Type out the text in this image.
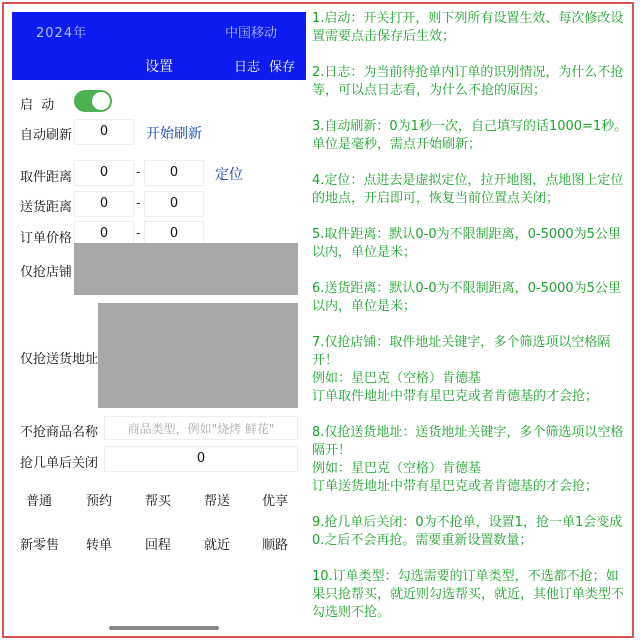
2024年	中国移动
设置	日志 保存
启  动
自动刷新	0	开始刷新
取件距离	0	-	0	定位
送货距离	0	-	0
订单价格	0	-	0
仅抢店铺
仅抢送货地址
不抢商品名称	商品类型，例如"烧烤 鲜花"
抢几单后关闭	0
普通	预约	帮买	帮送 优享
新零售 转单	回程	就近 顺路

1.启动：开关打开，则下列所有设置生效、每次修改设置需要点击保存后生效；

2.日志：为当前待抢单内订单的识别情况，为什么不抢等，可以点日志看，为什么不抢的原因；

3.自动刷新：0为1秒一次，自己填写的话1000=1秒。单位是毫秒，需点开始刷新；

4.定位：点进去是虚拟定位，拉开地图，点地图上定位的地点，开启即可，恢复当前位置点关闭；

5.取件距离：默认0-0为不限制距离，0-5000为5公里以内，单位是米；

6.送货距离：默认0-0为不限制距离，0-5000为5公里以内，单位是米；

7.仅抢店铺：取件地址关键字，多个筛选项以空格隔开！
例如：星巴克（空格）肯德基
订单取件地址中带有星巴克或者肯德基的才会抢；

8.仅抢送货地址：送货地址关键字，多个筛选项以空格隔开！
例如：星巴克（空格）肯德基
订单送货地址中带有星巴克或者肯德基的才会抢；

9.抢几单后关闭：0为不抢单，设置1，抢一单1会变成0.之后不会再抢。需要重新设置数量；

10.订单类型：勾选需要的订单类型，不选都不抢；如果只抢帮买，就近则勾选帮买，就近，其他订单类型不勾选则不抢。
